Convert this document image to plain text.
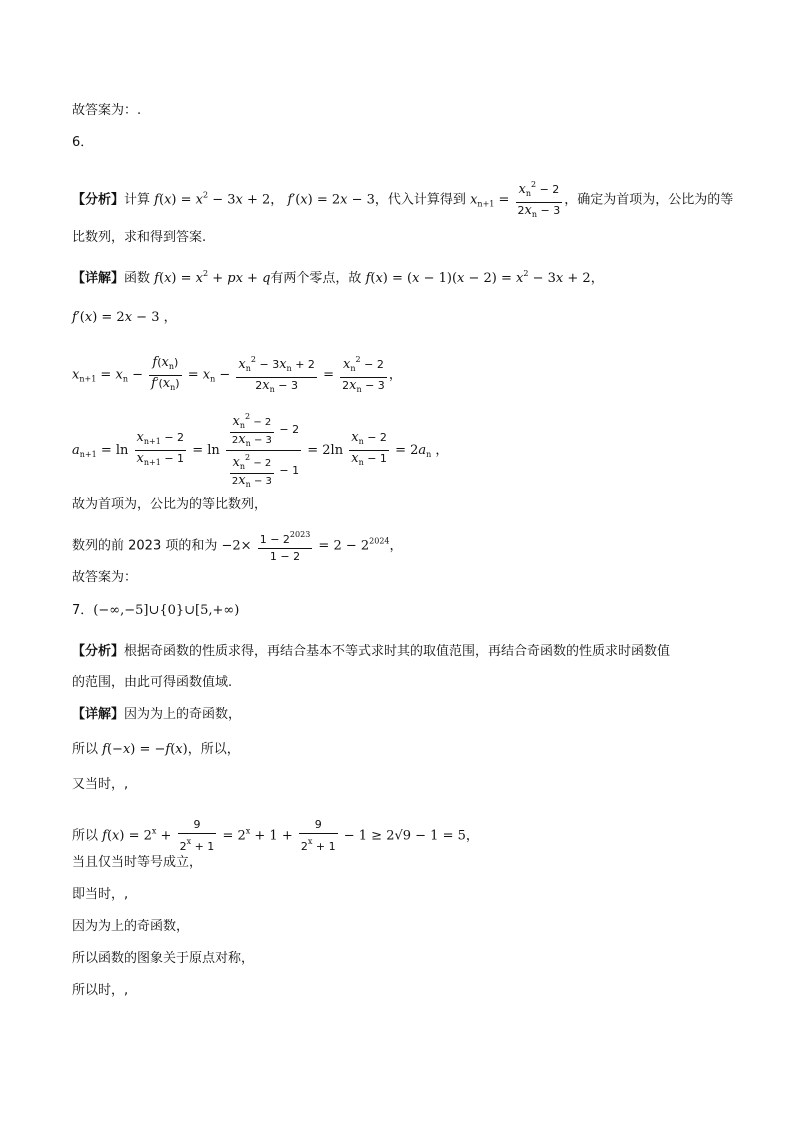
故答案为：.
6．
【分析】计算 $f(x) = x^2 - 3x + 2$， f′(x) = 2x − 3，代入计算得到 $x_{n+1} = \frac{x_n^2 - 2}{2x_n - 3}$ ，确定为首项为，公比为的等
比数列，求和得到答案.
【详解】函数 $f(x) = x^2$ + px + q有两个零点，故 $f(x) = (x - 1)(x - 2) = x^2 - 3x + 2$，
f′(x) = 2x − 3 ，
$x_{n+1} = x_n - \frac{f(x_n)}{f'(x_n)} = x_n - \frac{x_n^2 - 3x_n + 2}{2x_n - 3} = \frac{x_n^2 - 2}{2x_n - 3}$ ，
$a_{n+1} = \ln \frac{x_{n+1} - 2}{x_{n+1} - 1} = \ln \frac{\frac{x_n^2 - 2}{2x_n - 3} - 2}{\frac{x_n^2 - 2}{2x_n - 3} - 1} = 2\ln \frac{x_n - 2}{x_n - 1} = 2a_n$ ，
故为首项为，公比为的等比数列，
数列的前 2023 项的和为 $-2\times \frac{1 - 2^{2023}}{1 - 2} = 2 - 2^{2024}$，
故答案为：
7．(−∞,−5]∪{0}∪[5,+∞)
【分析】根据奇函数的性质求得，再结合基本不等式求时其的取值范围，再结合奇函数的性质求时函数值
的范围，由此可得函数值域.
【详解】因为为上的奇函数，
所以 f(−x) = −f(x)，所以，
又当时，,
所以 $f(x) = 2^x + \frac{9}{2^x + 1} = 2^x + 1 + \frac{9}{2^x + 1} - 1 \ge 2√9 - 1 = 5$，
当且仅当时等号成立，
即当时，,
因为为上的奇函数，
所以函数的图象关于原点对称，
所以时，,
